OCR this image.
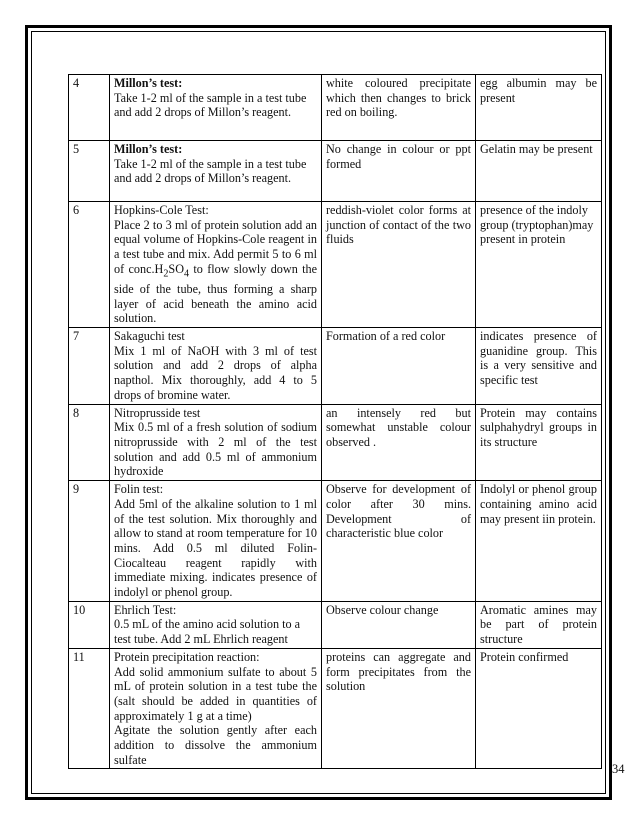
4	Millon’s test:
Take 1-2 ml of the sample in a test tube and add 2 drops of Millon’s reagent.	white coloured precipitate which then changes to brick red on boiling.	egg albumin may be present
5	Millon’s test:
Take 1-2 ml of the sample in a test tube and add 2 drops of Millon’s reagent.	No change in colour or ppt formed	Gelatin may be present
6	Hopkins-Cole Test:
Place 2 to 3 ml of protein solution add an equal volume of Hopkins-Cole reagent in a test tube and mix. Add permit 5 to 6 ml of $conc.H_2SO_4$ to flow slowly down the side of the tube, thus forming a sharp layer of acid beneath the amino acid solution.	reddish-violet color forms at junction of contact of the two fluids	presence of the indoly group (tryptophan)may present in protein
7	Sakaguchi test
Mix 1 ml of NaOH with 3 ml of test solution and add 2 drops of alpha napthol. Mix thoroughly, add 4 to 5 drops of bromine water.	Formation of a red color	indicates presence of guanidine group. This is a very sensitive and specific test
8	Nitroprusside test
Mix 0.5 ml of a fresh solution of sodium nitroprusside with 2 ml of the test solution and add 0.5 ml of ammonium hydroxide	an intensely red but somewhat unstable colour observed .	Protein may contains sulphahydryl groups in its structure
9	Folin test:
Add 5ml of the alkaline solution to 1 ml of the test solution. Mix thoroughly and allow to stand at room temperature for 10 mins. Add 0.5 ml diluted Folin-Ciocalteau reagent rapidly with immediate mixing. indicates presence of indolyl or phenol group.	Observe for development of color after 30 mins. Development of characteristic blue color	Indolyl or phenol group containing amino acid may present iin protein.
10	Ehrlich Test:
0.5 mL of the amino acid solution to a test tube. Add 2 mL Ehrlich reagent	Observe colour change	Aromatic amines may be part of protein structure
11	Protein precipitation reaction:
Add solid ammonium sulfate to about 5 mL of protein solution in a test tube the (salt should be added in quantities of approximately 1 g at a time)
Agitate the solution gently after each addition to dissolve the ammonium sulfate	proteins can aggregate and form precipitates from the solution	Protein confirmed
34
